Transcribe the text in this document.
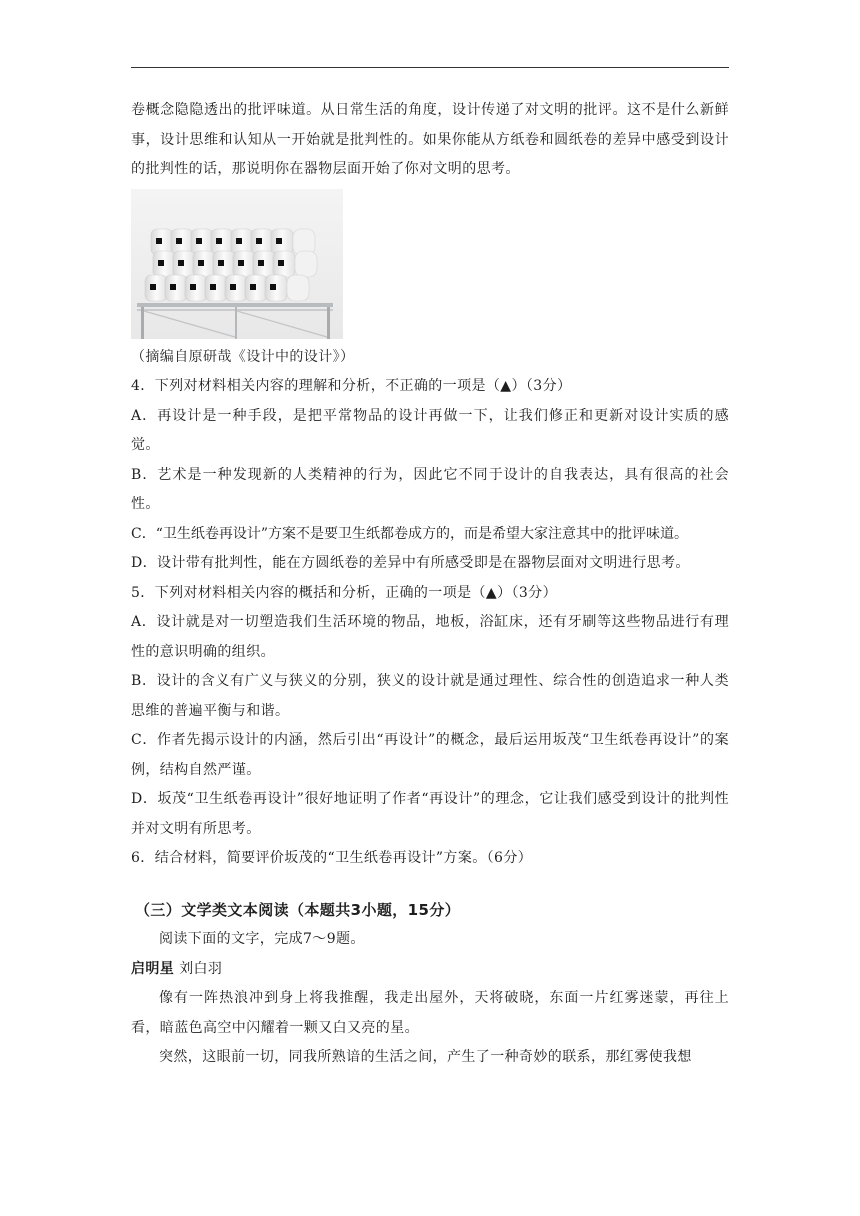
卷概念隐隐透出的批评味道。从日常生活的角度，设计传递了对文明的批评。这不是什么新鲜事，设计思维和认知从一开始就是批判性的。如果你能从方纸卷和圆纸卷的差异中感受到设计的批判性的话，那说明你在器物层面开始了你对文明的思考。

（摘编自原研哉《设计中的设计》）

4．下列对材料相关内容的理解和分析，不正确的一项是（▲）（3分）

A．再设计是一种手段，是把平常物品的设计再做一下，让我们修正和更新对设计实质的感觉。

B．艺术是一种发现新的人类精神的行为，因此它不同于设计的自我表达，具有很高的社会性。

C．“卫生纸卷再设计”方案不是要卫生纸都卷成方的，而是希望大家注意其中的批评味道。

D．设计带有批判性，能在方圆纸卷的差异中有所感受即是在器物层面对文明进行思考。

5．下列对材料相关内容的概括和分析，正确的一项是（▲）（3分）

A．设计就是对一切塑造我们生活环境的物品，地板，浴缸床，还有牙刷等这些物品进行有理性的意识明确的组织。

B．设计的含义有广义与狭义的分别，狭义的设计就是通过理性、综合性的创造追求一种人类思维的普遍平衡与和谐。

C．作者先揭示设计的内涵，然后引出“再设计”的概念，最后运用坂茂“卫生纸卷再设计”的案例，结构自然严谨。

D．坂茂“卫生纸卷再设计”很好地证明了作者“再设计”的理念，它让我们感受到设计的批判性并对文明有所思考。

6．结合材料，简要评价坂茂的“卫生纸卷再设计”方案。（6分）

（三）文学类文本阅读（本题共3小题，15分）

阅读下面的文字，完成7～9题。

启明星 刘白羽

像有一阵热浪冲到身上将我推醒，我走出屋外，天将破晓，东面一片红雾迷蒙，再往上看，暗蓝色高空中闪耀着一颗又白又亮的星。

突然，这眼前一切，同我所熟谙的生活之间，产生了一种奇妙的联系，那红雾使我想
